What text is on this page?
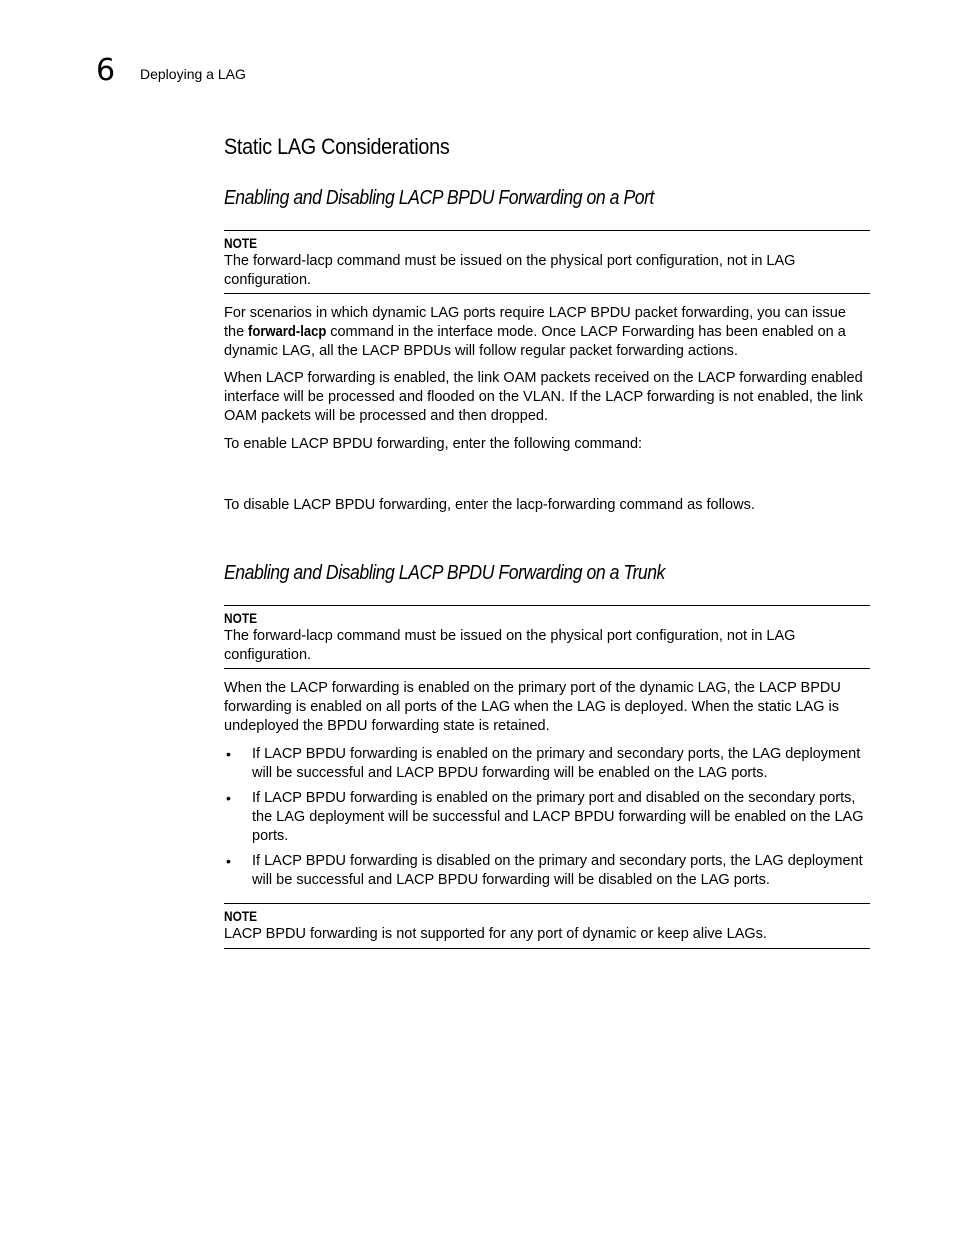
6 Deploying a LAG
Static LAG Considerations
Enabling and Disabling LACP BPDU Forwarding on a Port
NOTE
The forward-lacp command must be issued on the physical port configuration, not in LAG configuration.

For scenarios in which dynamic LAG ports require LACP BPDU packet forwarding, you can issue the forward-lacp command in the interface mode. Once LACP Forwarding has been enabled on a dynamic LAG, all the LACP BPDUs will follow regular packet forwarding actions.

When LACP forwarding is enabled, the link OAM packets received on the LACP forwarding enabled interface will be processed and flooded on the VLAN. If the LACP forwarding is not enabled, the link OAM packets will be processed and then dropped.

To enable LACP BPDU forwarding, enter the following command:

To disable LACP BPDU forwarding, enter the lacp-forwarding command as follows.

Enabling and Disabling LACP BPDU Forwarding on a Trunk
NOTE
The forward-lacp command must be issued on the physical port configuration, not in LAG configuration.

When the LACP forwarding is enabled on the primary port of the dynamic LAG, the LACP BPDU forwarding is enabled on all ports of the LAG when the LAG is deployed. When the static LAG is undeployed the BPDU forwarding state is retained.

• If LACP BPDU forwarding is enabled on the primary and secondary ports, the LAG deployment will be successful and LACP BPDU forwarding will be enabled on the LAG ports.
• If LACP BPDU forwarding is enabled on the primary port and disabled on the secondary ports, the LAG deployment will be successful and LACP BPDU forwarding will be enabled on the LAG ports.
• If LACP BPDU forwarding is disabled on the primary and secondary ports, the LAG deployment will be successful and LACP BPDU forwarding will be disabled on the LAG ports.
NOTE
LACP BPDU forwarding is not supported for any port of dynamic or keep alive LAGs.
